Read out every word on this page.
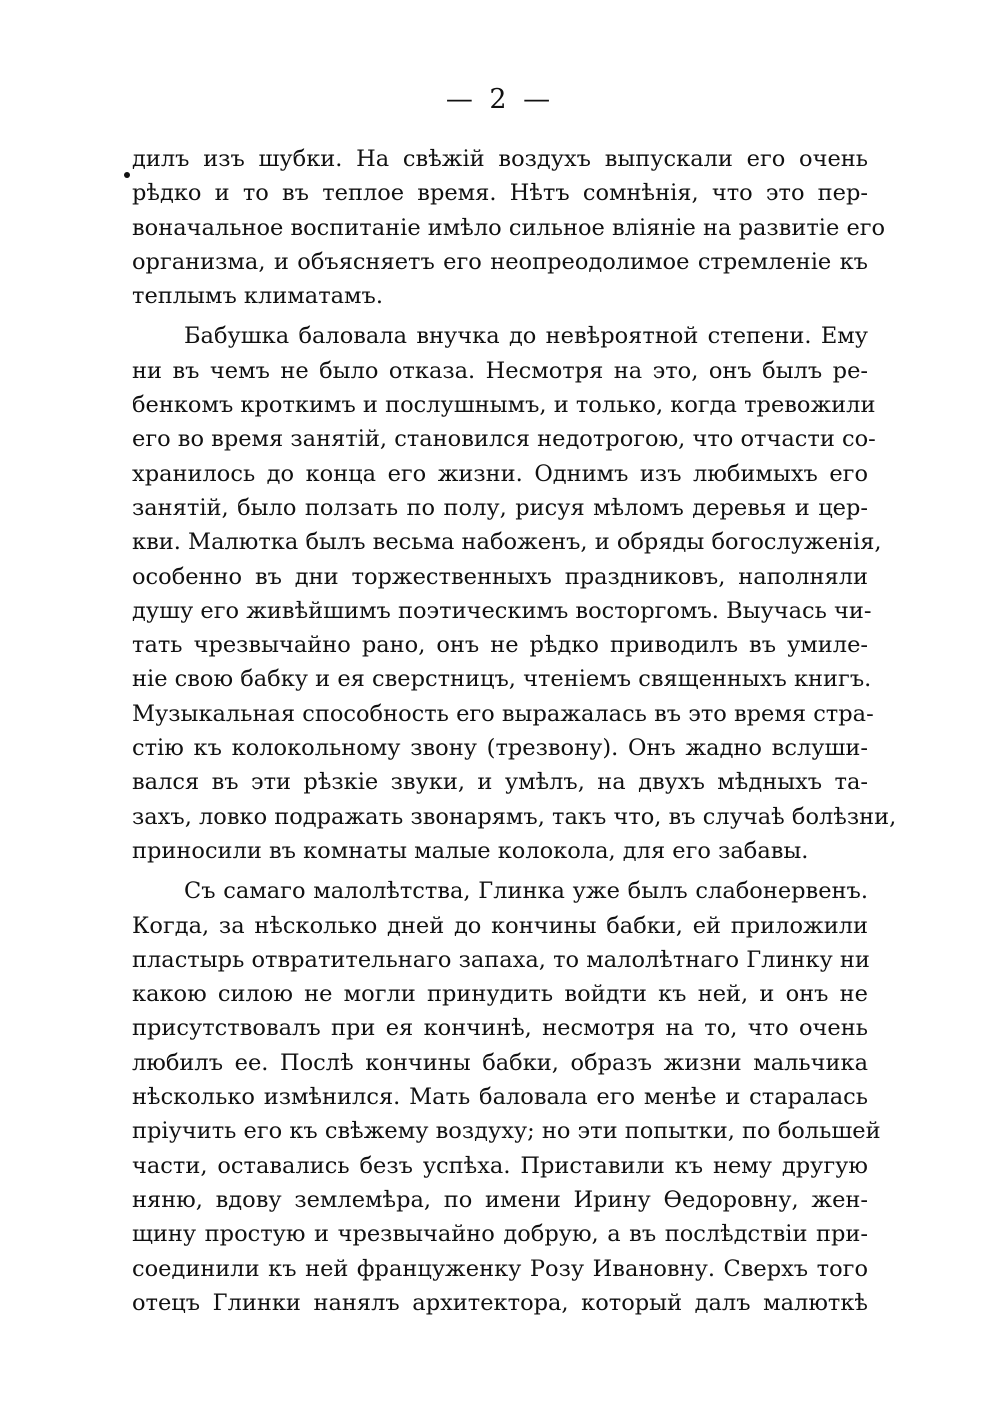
— 2 —
дилъ изъ шубки. На свѣжій воздухъ выпускали его очень
рѣдко и то въ теплое время. Нѣтъ сомнѣнія, что это пер-
воначальное воспитаніе имѣло сильное вліяніе на развитіе его
организма, и объясняетъ его неопреодолимое стремленіе къ
теплымъ климатамъ.
Бабушка баловала внучка до невѣроятной степени. Ему
ни въ чемъ не было отказа. Несмотря на это, онъ былъ ре-
бенкомъ кроткимъ и послушнымъ, и только, когда тревожили
его во время занятій, становился недотрогою, что отчасти со-
хранилось до конца его жизни. Однимъ изъ любимыхъ его
занятій, было ползать по полу, рисуя мѣломъ деревья и цер-
кви. Малютка былъ весьма набоженъ, и обряды богослуженія,
особенно въ дни торжественныхъ праздниковъ, наполняли
душу его живѣйшимъ поэтическимъ восторгомъ. Выучась чи-
тать чрезвычайно рано, онъ не рѣдко приводилъ въ умиле-
ніе свою бабку и ея сверстницъ, чтеніемъ священныхъ книгъ.
Музыкальная способность его выражалась въ это время стра-
стію къ колокольному звону (трезвону). Онъ жадно вслуши-
вался въ эти рѣзкіе звуки, и умѣлъ, на двухъ мѣдныхъ та-
захъ, ловко подражать звонарямъ, такъ что, въ случаѣ болѣзни,
приносили въ комнаты малые колокола, для его забавы.
Съ самаго малолѣтства, Глинка уже былъ слабонервенъ.
Когда, за нѣсколько дней до кончины бабки, ей приложили
пластырь отвратительнаго запаха, то малолѣтнаго Глинку ни
какою силою не могли принудить войдти къ ней, и онъ не
присутствовалъ при ея кончинѣ, несмотря на то, что очень
любилъ ее. Послѣ кончины бабки, образъ жизни мальчика
нѣсколько измѣнился. Мать баловала его менѣе и старалась
пріучить его къ свѣжему воздуху; но эти попытки, по большей
части, оставались безъ успѣха. Приставили къ нему другую
няню, вдову землемѣра, по имени Ирину Ѳедоровну, жен-
щину простую и чрезвычайно добрую, а въ послѣдствіи при-
соединили къ ней француженку Розу Ивановну. Сверхъ того
отецъ Глинки нанялъ архитектора, который далъ малюткѣ
